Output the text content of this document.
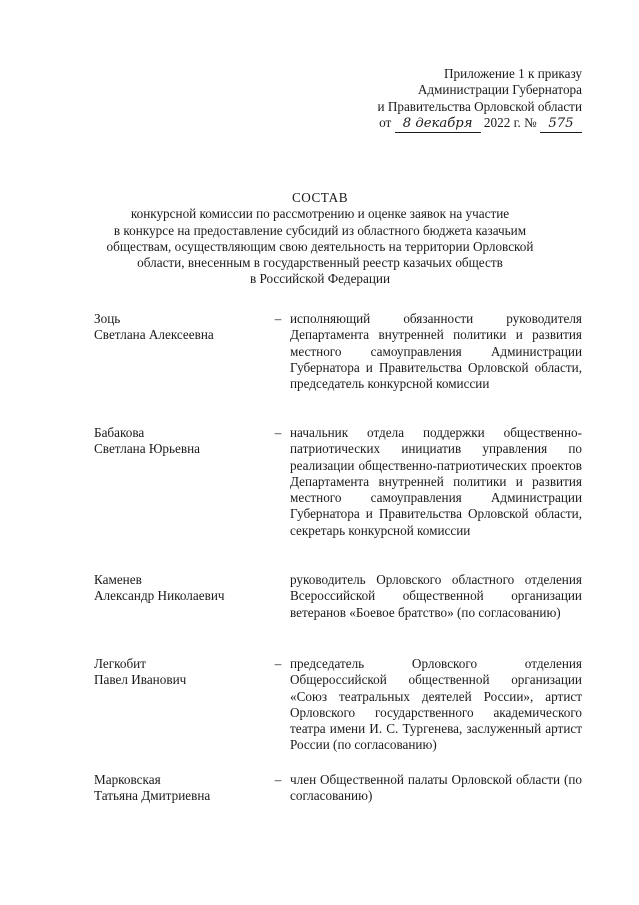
Приложение 1 к приказу
Администрации Губернатора
и Правительства Орловской области
от 8 декабря 2022 г. № 575
СОСТАВ
конкурсной комиссии по рассмотрению и оценке заявок на участие
в конкурсе на предоставление субсидий из областного бюджета казачьим
обществам, осуществляющим свою деятельность на территории Орловской
области, внесенным в государственный реестр казачьих обществ
в Российской Федерации
Зоць
Светлана Алексеевна
– исполняющий обязанности руководителя Департамента внутренней политики и развития местного самоуправления Администрации Губернатора и Правительства Орловской области, председатель конкурсной комиссии
Бабакова
Светлана Юрьевна
– начальник отдела поддержки общественно-патриотических инициатив управления по реализации общественно-патриотических проектов Департамента внутренней политики и развития местного самоуправления Администрации Губернатора и Правительства Орловской области, секретарь конкурсной комиссии
Каменев
Александр Николаевич
руководитель Орловского областного отделения Всероссийской общественной организации ветеранов «Боевое братство» (по согласованию)
Легкобит
Павел Иванович
– председатель Орловского отделения Общероссийской общественной организации «Союз театральных деятелей России», артист Орловского государственного академического театра имени И. С. Тургенева, заслуженный артист России (по согласованию)
Марковская
Татьяна Дмитриевна
– член Общественной палаты Орловской области (по согласованию)
